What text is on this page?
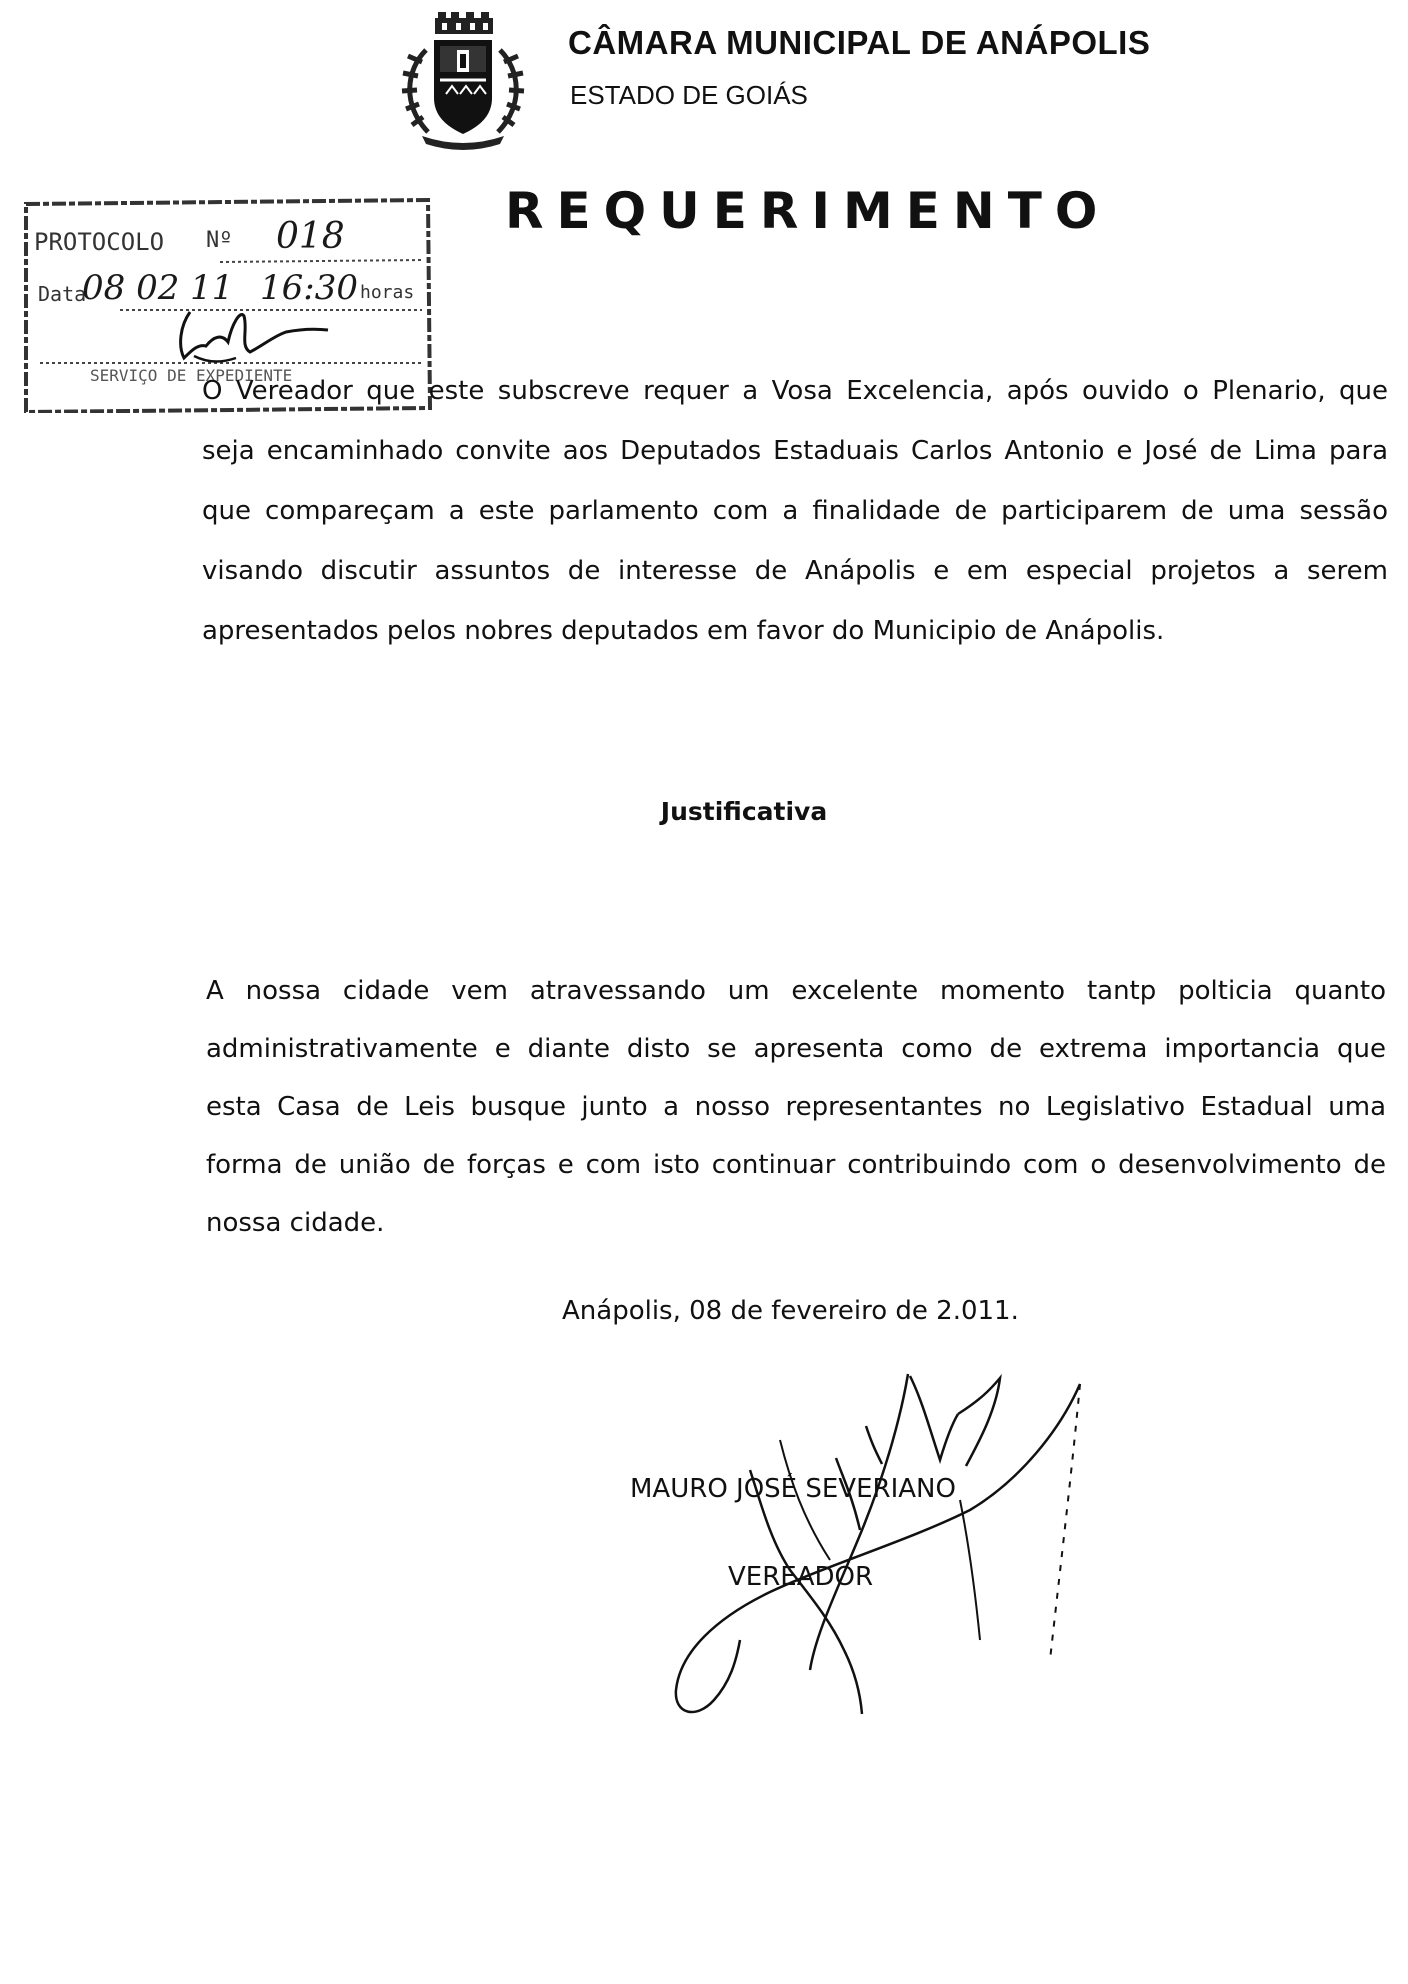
CÂMARA MUNICIPAL DE ANÁPOLIS
ESTADO DE GOIÁS
REQUERIMENTO
PROTOCOLO Nº 018
Data
08 02 11 16:30 horas
SERVIÇO DE EXPEDIENTE
O Vereador que este subscreve requer a Vosa Excelencia, após ouvido o Plenario, que
seja encaminhado convite aos Deputados Estaduais Carlos Antonio e José de Lima para
que compareçam a este parlamento com a finalidade de participarem de uma sessão
visando discutir assuntos de interesse de Anápolis e em especial projetos a serem
apresentados pelos nobres deputados em favor do Municipio de Anápolis.
Justificativa
A nossa cidade vem atravessando um excelente momento tantp polticia quanto
administrativamente e diante disto se apresenta como de extrema importancia que
esta Casa de Leis busque junto a nosso representantes no Legislativo Estadual uma
forma de união de forças e com isto continuar contribuindo com o desenvolvimento de
nossa cidade.
Anápolis, 08 de fevereiro de 2.011.
MAURO JOSÉ SEVERIANO
VEREADOR
